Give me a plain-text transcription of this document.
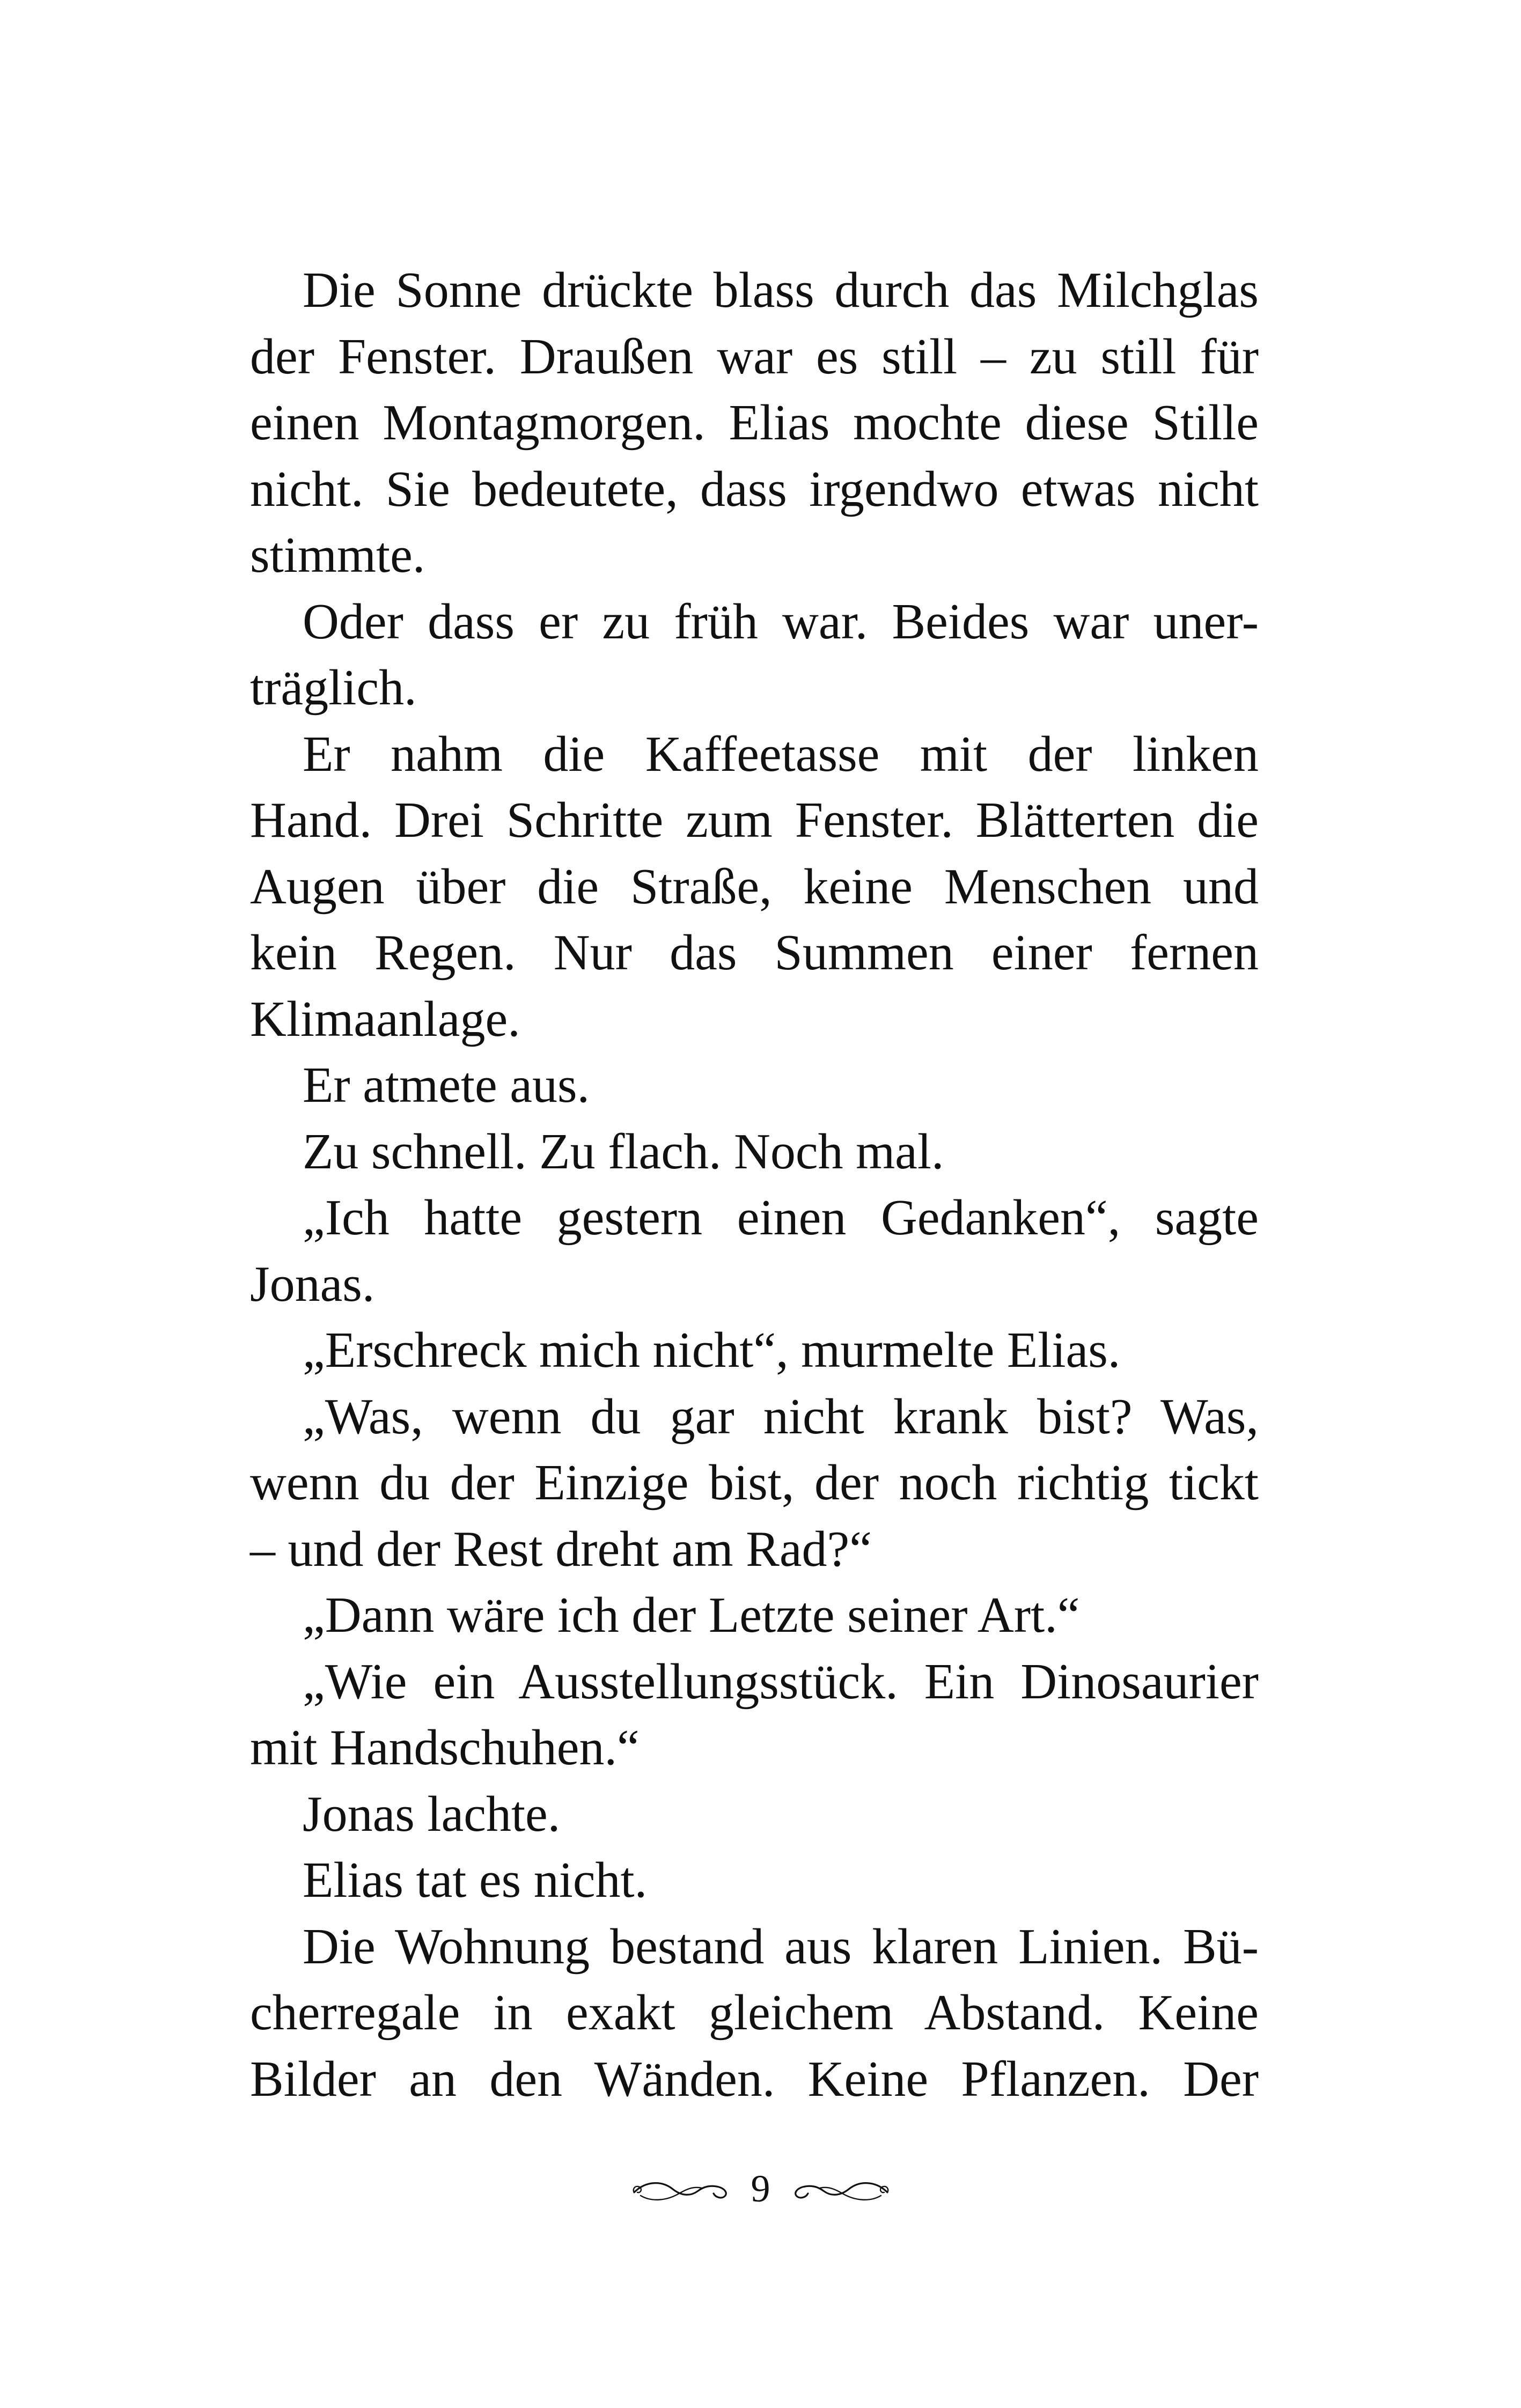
Die Sonne drückte blass durch das Milchglas
der Fenster. Draußen war es still – zu still für
einen Montagmorgen. Elias mochte diese Stille
nicht. Sie bedeutete, dass irgendwo etwas nicht
stimmte.
Oder dass er zu früh war. Beides war uner-
träglich.
Er nahm die Kaffeetasse mit der linken
Hand. Drei Schritte zum Fenster. Blätterten die
Augen über die Straße, keine Menschen und
kein Regen. Nur das Summen einer fernen
Klimaanlage.
Er atmete aus.
Zu schnell. Zu flach. Noch mal.
„Ich hatte gestern einen Gedanken“, sagte
Jonas.
„Erschreck mich nicht“, murmelte Elias.
„Was, wenn du gar nicht krank bist? Was,
wenn du der Einzige bist, der noch richtig tickt
– und der Rest dreht am Rad?“
„Dann wäre ich der Letzte seiner Art.“
„Wie ein Ausstellungsstück. Ein Dinosaurier
mit Handschuhen.“
Jonas lachte.
Elias tat es nicht.
Die Wohnung bestand aus klaren Linien. Bü-
cherregale in exakt gleichem Abstand. Keine
Bilder an den Wänden. Keine Pflanzen. Der
9
